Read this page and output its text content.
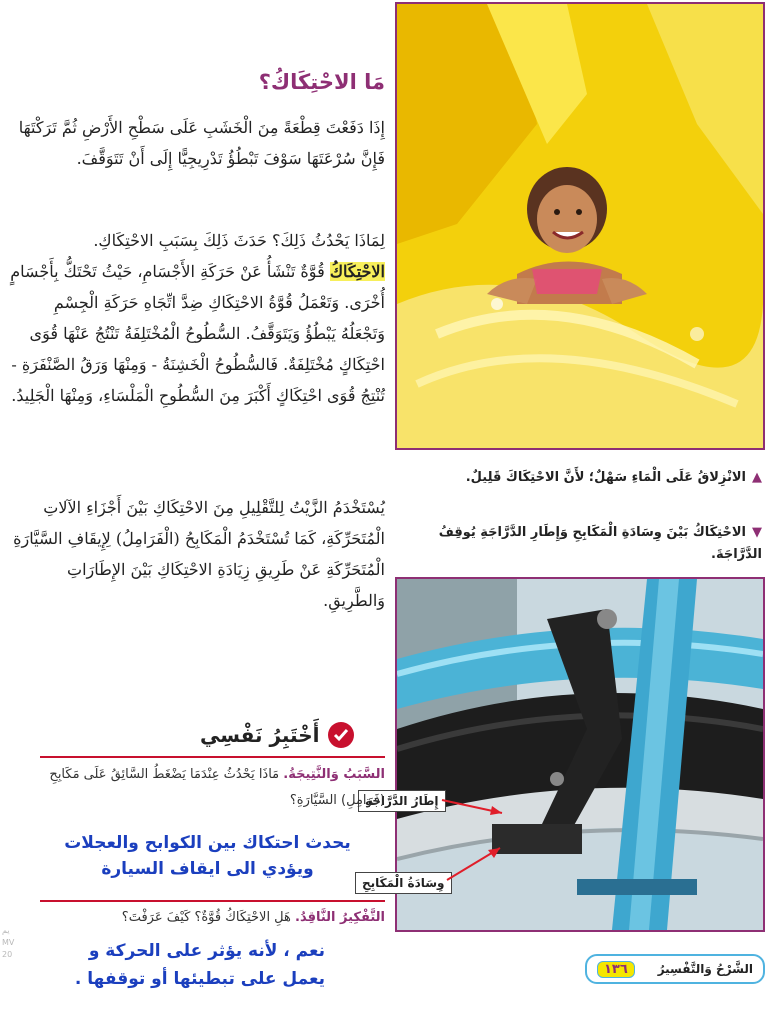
▲الانْزِلاقُ عَلَى الْمَاءِ سَهْلٌ؛ لأَنَّ الاحْتِكَاكَ قَلِيلٌ.
▼الاحْتِكَاكُ بَيْنَ وِسَادَةِ الْمَكَابِحِ وَإِطَارِ الدَّرَّاجَةِ يُوقِفُ الدَّرَّاجَةَ.
إِطَارُ الدَّرَّاجَةِ
وِسَادَةُ الْمَكَابِحِ
مَا الاحْتِكَاكُ؟
إِذَا دَفَعْتَ قِطْعَةً مِنَ الْخَشَبِ عَلَى سَطْحِ الأَرْضِ ثُمَّ تَرَكْتَهَا فَإِنَّ سُرْعَتَهَا سَوْفَ تَبْطُؤُ تَدْرِيجِيًّا إِلَى أَنْ تَتَوَقَّفَ.
لِمَاذَا يَحْدُثُ ذَلِكَ؟ حَدَثَ ذَلِكَ بِسَبَبِ الاحْتِكَاكِ.
الاحْتِكَاكُ قُوَّةٌ تَنْشَأُ عَنْ حَرَكَةِ الأَجْسَامِ، حَيْثُ تَحْتَكُّ بِأَجْسَامٍ أُخْرَى. وَتَعْمَلُ قُوَّةُ الاحْتِكَاكِ ضِدَّ اتِّجَاهِ حَرَكَةِ الْجِسْمِ وَتَجْعَلُهُ يَبْطُؤُ وَيَتَوَقَّفُ. السُّطُوحُ الْمُخْتَلِفَةُ تَنْتُجُ عَنْهَا قُوَى احْتِكَاكٍ مُخْتَلِفَةٌ. فَالسُّطُوحُ الْخَشِنَةُ - وَمِنْهَا وَرَقُ الصَّنْفَرَةِ - تُنْتِجُ قُوَى احْتِكَاكٍ أَكْبَرَ مِنَ السُّطُوحِ الْمَلْسَاءِ، وَمِنْهَا الْجَلِيدُ.
يُسْتَخْدَمُ الزَّيْتُ لِلتَّقْلِيلِ مِنَ الاحْتِكَاكِ بَيْنَ أَجْزَاءِ الآلاتِ الْمُتَحَرِّكَةِ، كَمَا تُسْتَخْدَمُ الْمَكَابِحُ (الْفَرَامِلُ) لِإِيقَافِ السَّيَّارَةِ الْمُتَحَرِّكَةِ عَنْ طَرِيقِ زِيَادَةِ الاحْتِكَاكِ بَيْنَ الإِطَارَاتِ وَالطَّرِيقِ.
أَخْتَبِرُ نَفْسِي
السَّبَبُ وَالنَّتِيجَةُ. مَاذَا يَحْدُثُ عِنْدَمَا يَضْغَطُ السَّائِقُ عَلَى مَكَابِحِ (فَرَامِلِ) السَّيَّارَةِ؟
يحدث احتكاك بين الكوابح والعجلات
ويؤدي الى ايقاف السيارة
التَّفْكِيرُ النَّاقِدُ. هَلِ الاحْتِكَاكُ قُوَّةٌ؟ كَيْفَ عَرَفْتَ؟
نعم ، لأنه يؤثر على الحركة و
يعمل على تبطيئها أو توقفها .
يم
MV
20
الشَّرْحُ وَالتَّفْسِيرُ
١٣٦
